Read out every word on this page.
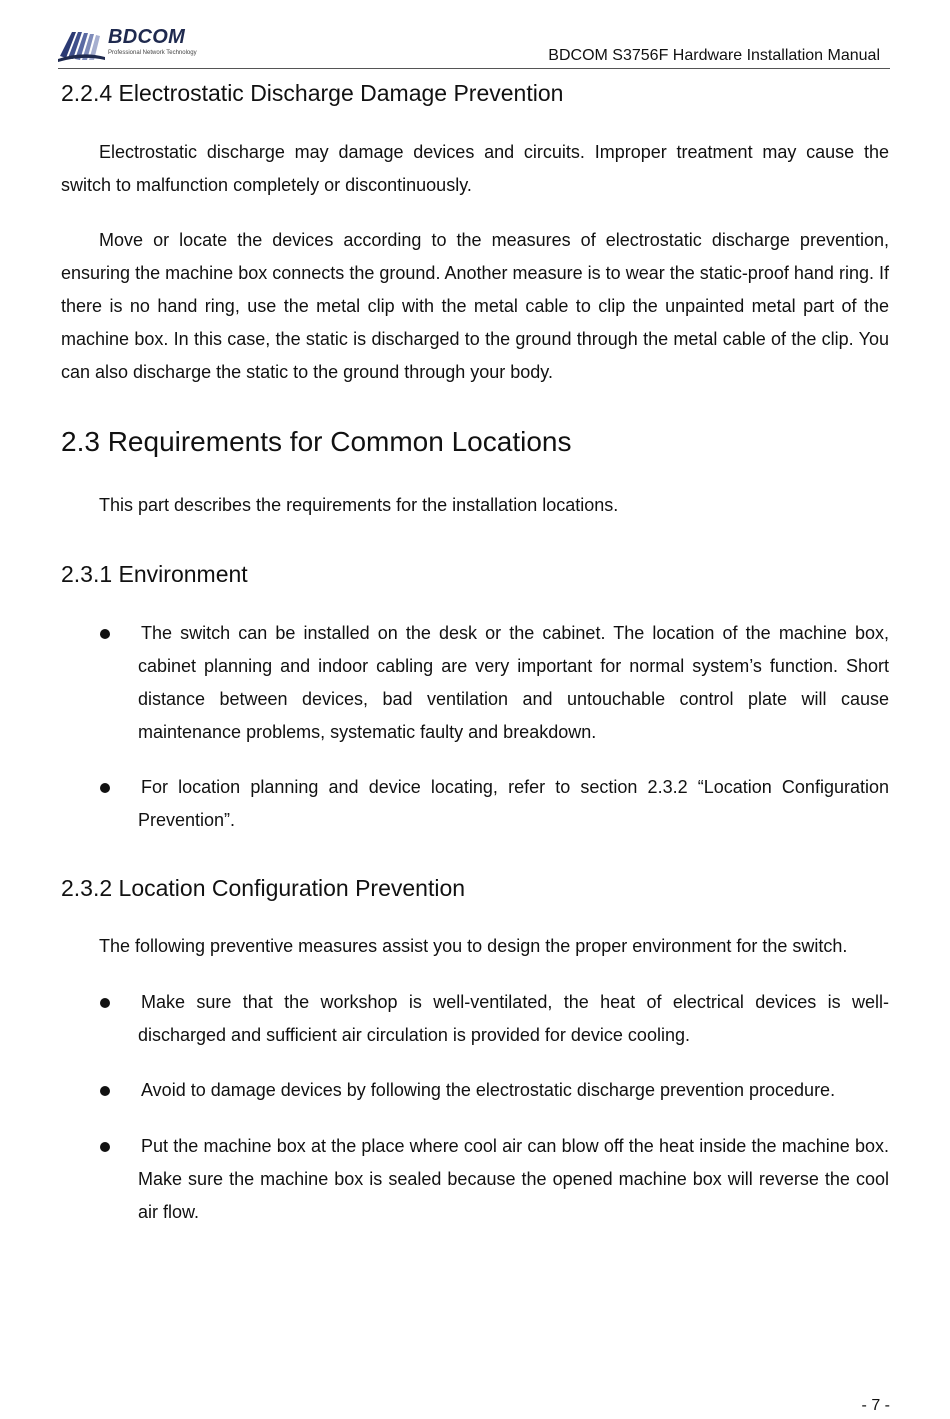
BDCOM
Professional Network Technology	BDCOM S3756F Hardware Installation Manual
2.2.4 Electrostatic Discharge Damage Prevention

Electrostatic discharge may damage devices and circuits. Improper treatment may cause the switch to malfunction completely or discontinuously.

Move or locate the devices according to the measures of electrostatic discharge prevention, ensuring the machine box connects the ground. Another measure is to wear the static-proof hand ring. If there is no hand ring, use the metal clip with the metal cable to clip the unpainted metal part of the machine box. In this case, the static is discharged to the ground through the metal cable of the clip. You can also discharge the static to the ground through your body.

2.3 Requirements for Common Locations

This part describes the requirements for the installation locations.

2.3.1 Environment
The switch can be installed on the desk or the cabinet. The location of the machine box, cabinet planning and indoor cabling are very important for normal system’s function. Short distance between devices, bad ventilation and untouchable control plate will cause maintenance problems, systematic faulty and breakdown.
For location planning and device locating, refer to section 2.3.2 “Location Configuration Prevention”.
2.3.2 Location Configuration Prevention

The following preventive measures assist you to design the proper environment for the switch.

Make sure that the workshop is well-ventilated, the heat of electrical devices is well-discharged and sufficient air circulation is provided for device cooling.
Avoid to damage devices by following the electrostatic discharge prevention procedure.
Put the machine box at the place where cool air can blow off the heat inside the machine box. Make sure the machine box is sealed because the opened machine box will reverse the cool air flow.
- 7 -
